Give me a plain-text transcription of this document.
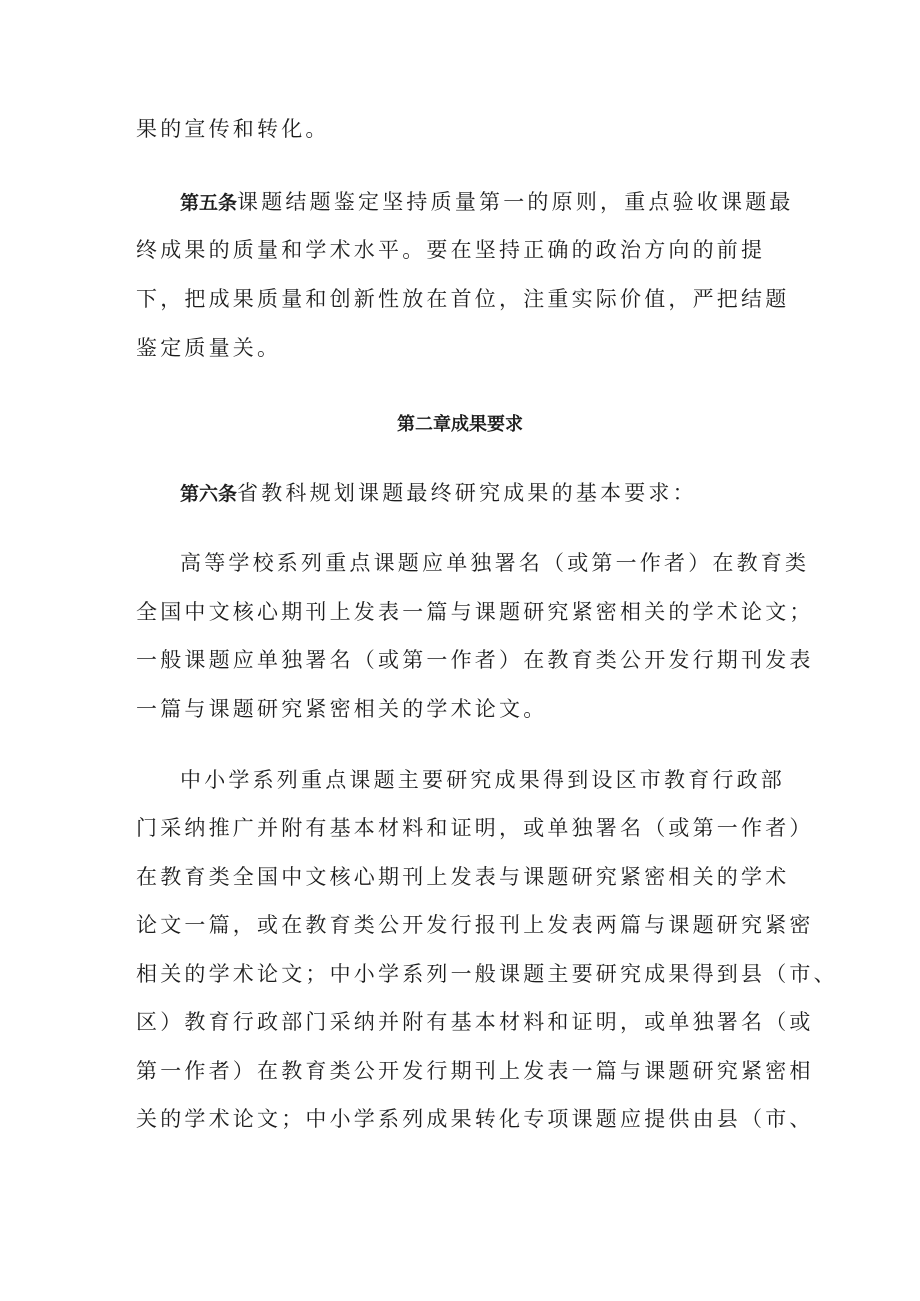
果的宣传和转化。
第五条课题结题鉴定坚持质量第一的原则，重点验收课题最
终成果的质量和学术水平。要在坚持正确的政治方向的前提
下，把成果质量和创新性放在首位，注重实际价值，严把结题
鉴定质量关。
第二章成果要求
第六条省教科规划课题最终研究成果的基本要求：
高等学校系列重点课题应单独署名（或第一作者）在教育类
全国中文核心期刊上发表一篇与课题研究紧密相关的学术论文；
一般课题应单独署名（或第一作者）在教育类公开发行期刊发表
一篇与课题研究紧密相关的学术论文。
中小学系列重点课题主要研究成果得到设区市教育行政部
门采纳推广并附有基本材料和证明，或单独署名（或第一作者）
在教育类全国中文核心期刊上发表与课题研究紧密相关的学术
论文一篇，或在教育类公开发行报刊上发表两篇与课题研究紧密
相关的学术论文；中小学系列一般课题主要研究成果得到县（市、
区）教育行政部门采纳并附有基本材料和证明，或单独署名（或
第一作者）在教育类公开发行期刊上发表一篇与课题研究紧密相
关的学术论文；中小学系列成果转化专项课题应提供由县（市、
